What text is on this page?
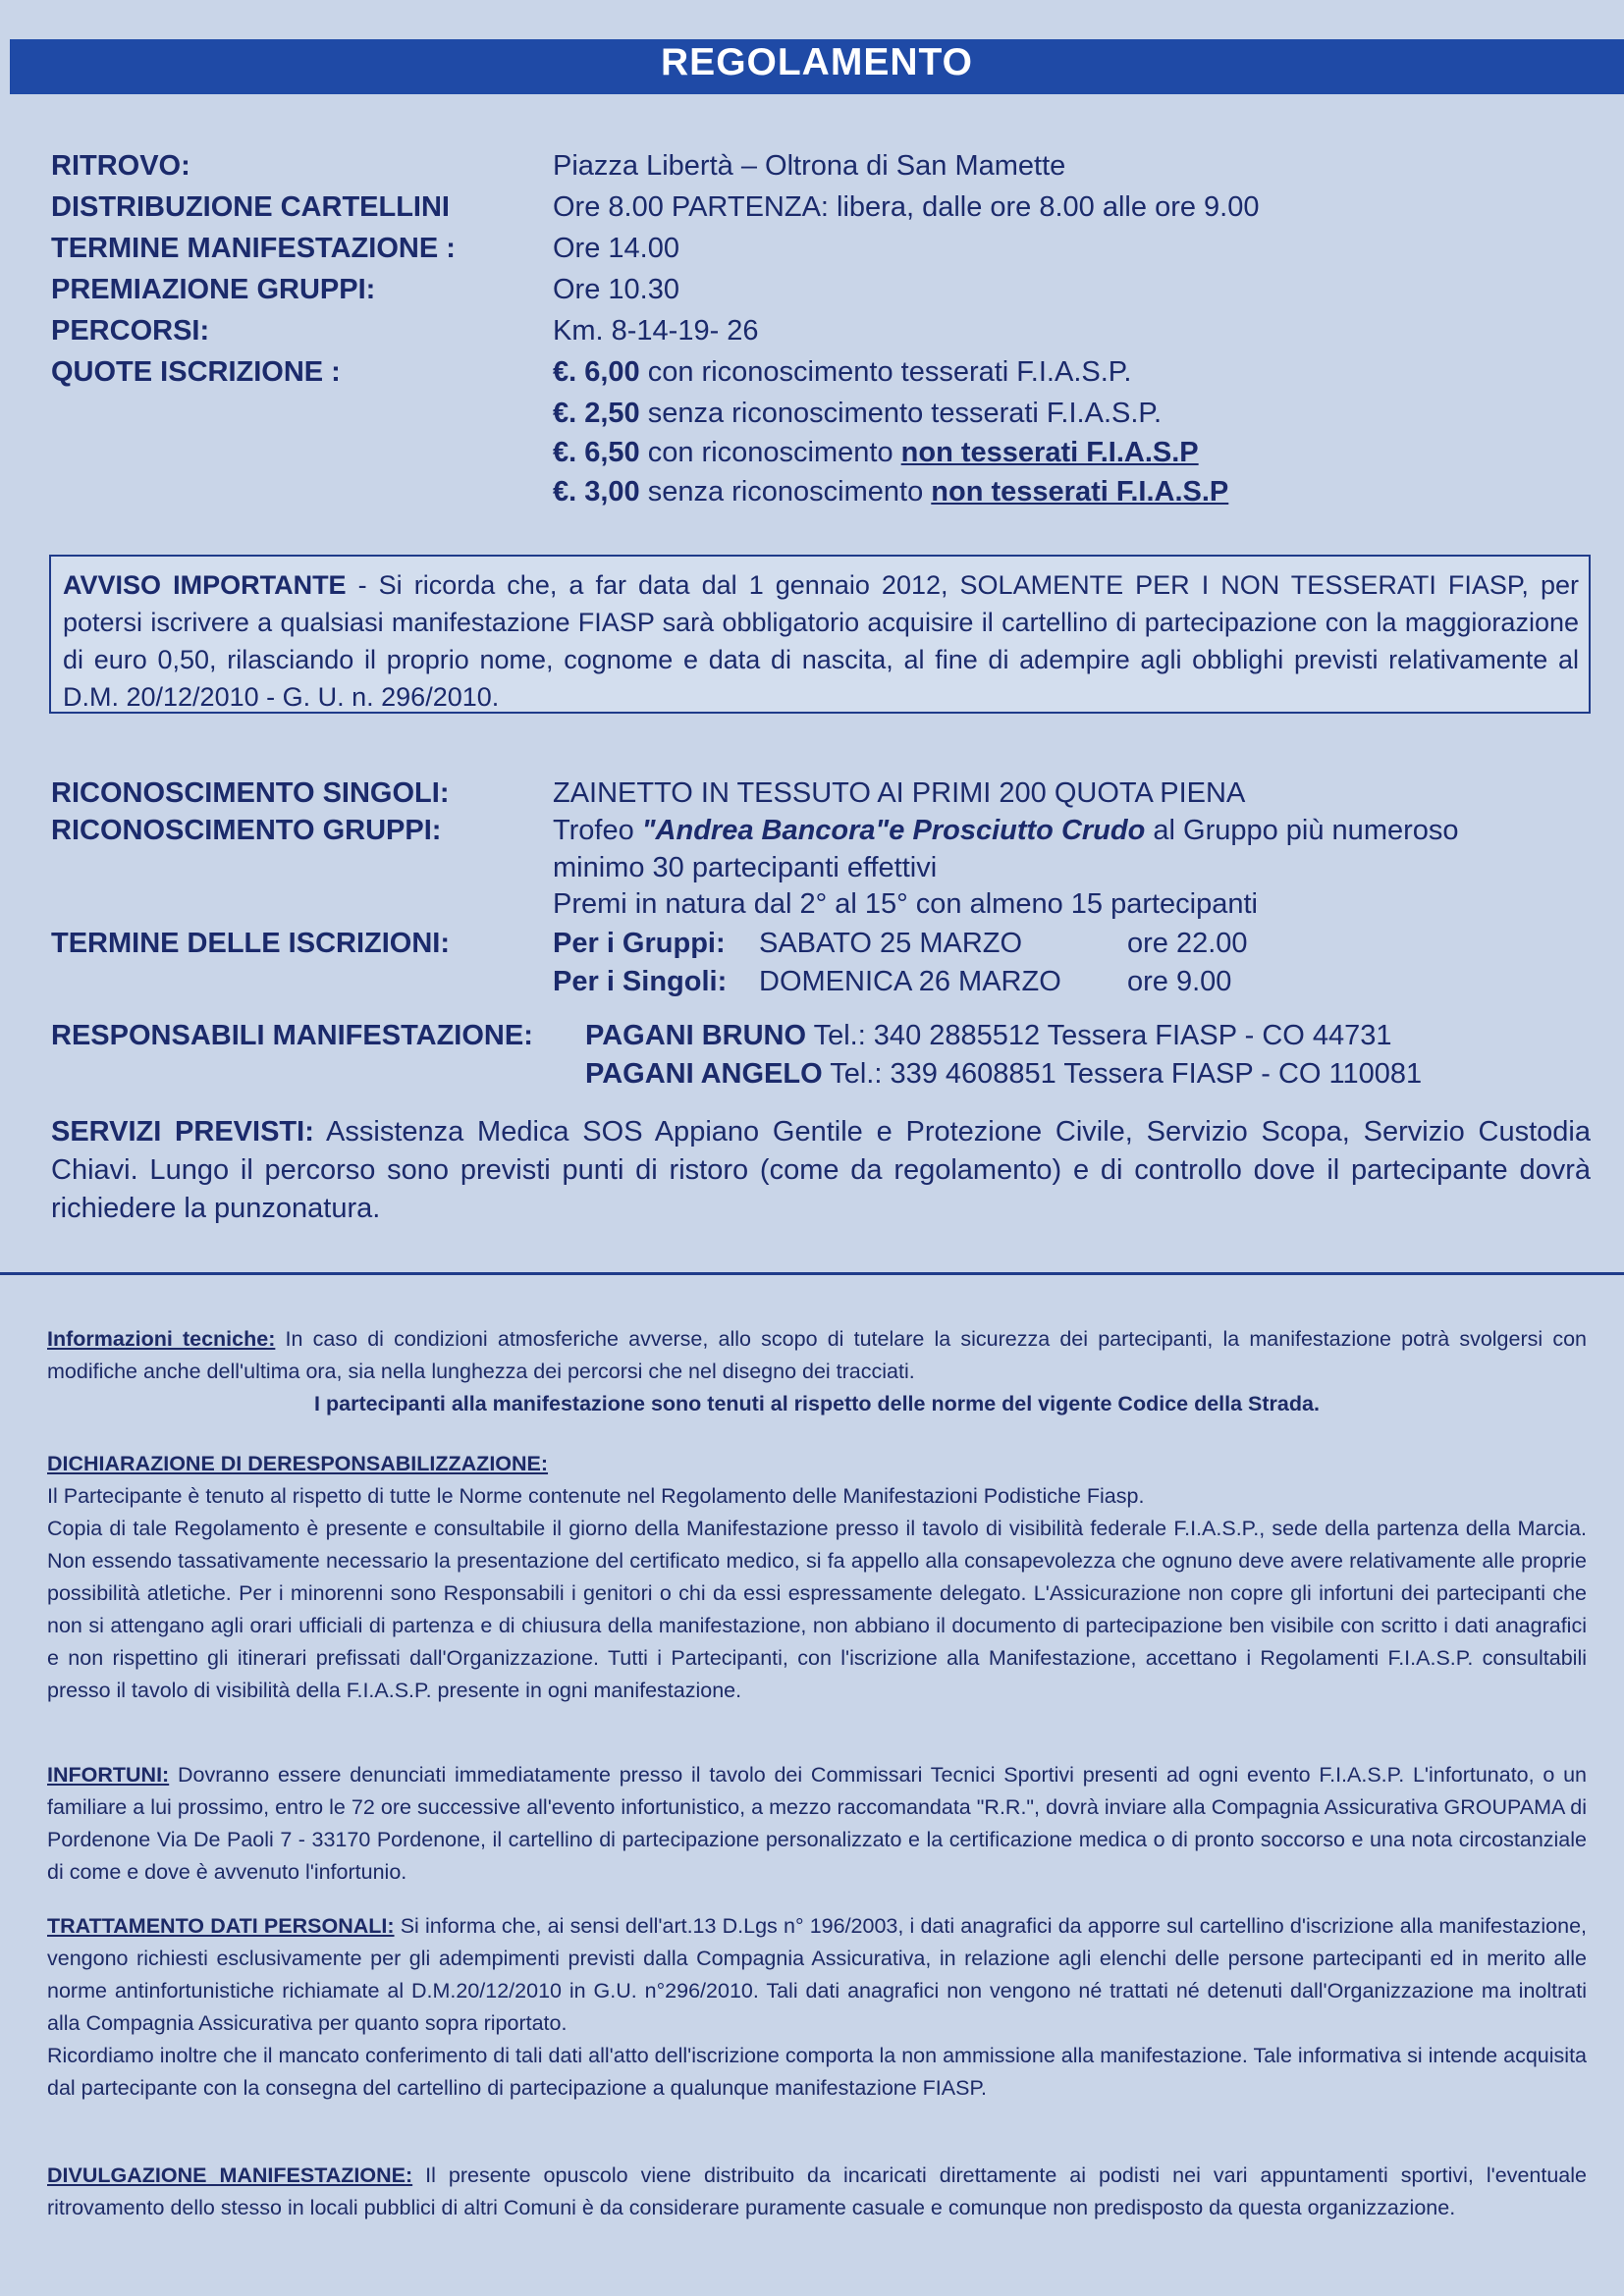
REGOLAMENTO
RITROVO:	Piazza Libertà – Oltrona di San Mamette
DISTRIBUZIONE CARTELLINI	Ore 8.00 PARTENZA: libera, dalle ore 8.00 alle ore 9.00
TERMINE MANIFESTAZIONE :	Ore 14.00
PREMIAZIONE GRUPPI:	Ore 10.30
PERCORSI:	Km. 8-14-19- 26
QUOTE ISCRIZIONE :	€. 6,00 con riconoscimento tesserati F.I.A.S.P.
€. 2,50 senza riconoscimento tesserati F.I.A.S.P.
€. 6,50 con riconoscimento non tesserati F.I.A.S.P
€. 3,00 senza riconoscimento non tesserati F.I.A.S.P
AVVISO IMPORTANTE - Si ricorda che, a far data dal 1 gennaio 2012, SOLAMENTE PER I NON TESSERATI FIASP, per potersi iscrivere a qualsiasi manifestazione FIASP sarà obbligatorio acquisire il cartellino di partecipazione con la maggiorazione di euro 0,50, rilasciando il proprio nome, cognome e data di nascita, al fine di adempire agli obblighi previsti relativamente al D.M. 20/12/2010 - G. U. n. 296/2010.
RICONOSCIMENTO SINGOLI:	ZAINETTO IN TESSUTO AI PRIMI 200 QUOTA PIENA
RICONOSCIMENTO GRUPPI:	Trofeo "Andrea Bancora"e Prosciutto Crudo al Gruppo più numeroso
minimo 30 partecipanti effettivi
Premi in natura dal 2° al 15° con almeno 15 partecipanti
TERMINE DELLE ISCRIZIONI:	Per i Gruppi: SABATO 25 MARZO	ore 22.00
Per i Singoli: DOMENICA 26 MARZO ore 9.00
RESPONSABILI MANIFESTAZIONE: PAGANI BRUNO Tel.: 340 2885512 Tessera FIASP - CO 44731
PAGANI ANGELO Tel.: 339 4608851 Tessera FIASP - CO 110081
SERVIZI PREVISTI: Assistenza Medica SOS Appiano Gentile e Protezione Civile, Servizio Scopa, Servizio Custodia Chiavi. Lungo il percorso sono previsti punti di ristoro (come da regolamento) e di controllo dove il partecipante dovrà richiedere la punzonatura.
Informazioni tecniche: In caso di condizioni atmosferiche avverse, allo scopo di tutelare la sicurezza dei partecipanti, la manifestazione potrà svolgersi con modifiche anche dell'ultima ora, sia nella lunghezza dei percorsi che nel disegno dei tracciati.
I partecipanti alla manifestazione sono tenuti al rispetto delle norme del vigente Codice della Strada.
DICHIARAZIONE DI DERESPONSABILIZZAZIONE:
Il Partecipante è tenuto al rispetto di tutte le Norme contenute nel Regolamento delle Manifestazioni Podistiche Fiasp.
Copia di tale Regolamento è presente e consultabile il giorno della Manifestazione presso il tavolo di visibilità federale F.I.A.S.P., sede della partenza della Marcia. Non essendo tassativamente necessario la presentazione del certificato medico, si fa appello alla consapevolezza che ognuno deve avere relativamente alle proprie possibilità atletiche. Per i minorenni sono Responsabili i genitori o chi da essi espressamente delegato. L'Assicurazione non copre gli infortuni dei partecipanti che non si attengano agli orari ufficiali di partenza e di chiusura della manifestazione, non abbiano il documento di partecipazione ben visibile con scritto i dati anagrafici e non rispettino gli itinerari prefissati dall'Organizzazione. Tutti i Partecipanti, con l'iscrizione alla Manifestazione, accettano i Regolamenti F.I.A.S.P. consultabili presso il tavolo di visibilità della F.I.A.S.P. presente in ogni manifestazione.
INFORTUNI: Dovranno essere denunciati immediatamente presso il tavolo dei Commissari Tecnici Sportivi presenti ad ogni evento F.I.A.S.P. L'infortunato, o un familiare a lui prossimo, entro le 72 ore successive all'evento infortunistico, a mezzo raccomandata "R.R.", dovrà inviare alla Compagnia Assicurativa GROUPAMA di Pordenone Via De Paoli 7 - 33170 Pordenone, il cartellino di partecipazione personalizzato e la certificazione medica o di pronto soccorso e una nota circostanziale di come e dove è avvenuto l'infortunio.
TRATTAMENTO DATI PERSONALI: Si informa che, ai sensi dell'art.13 D.Lgs n° 196/2003, i dati anagrafici da apporre sul cartellino d'iscrizione alla manifestazione, vengono richiesti esclusivamente per gli adempimenti previsti dalla Compagnia Assicurativa, in relazione agli elenchi delle persone partecipanti ed in merito alle norme antinfortunistiche richiamate al D.M.20/12/2010 in G.U. n°296/2010. Tali dati anagrafici non vengono né trattati né detenuti dall'Organizzazione ma inoltrati alla Compagnia Assicurativa per quanto sopra riportato.
Ricordiamo inoltre che il mancato conferimento di tali dati all'atto dell'iscrizione comporta la non ammissione alla manifestazione. Tale informativa si intende acquisita dal partecipante con la consegna del cartellino di partecipazione a qualunque manifestazione FIASP.
DIVULGAZIONE MANIFESTAZIONE: Il presente opuscolo viene distribuito da incaricati direttamente ai podisti nei vari appuntamenti sportivi, l'eventuale ritrovamento dello stesso in locali pubblici di altri Comuni è da considerare puramente casuale e comunque non predisposto da questa organizzazione.
